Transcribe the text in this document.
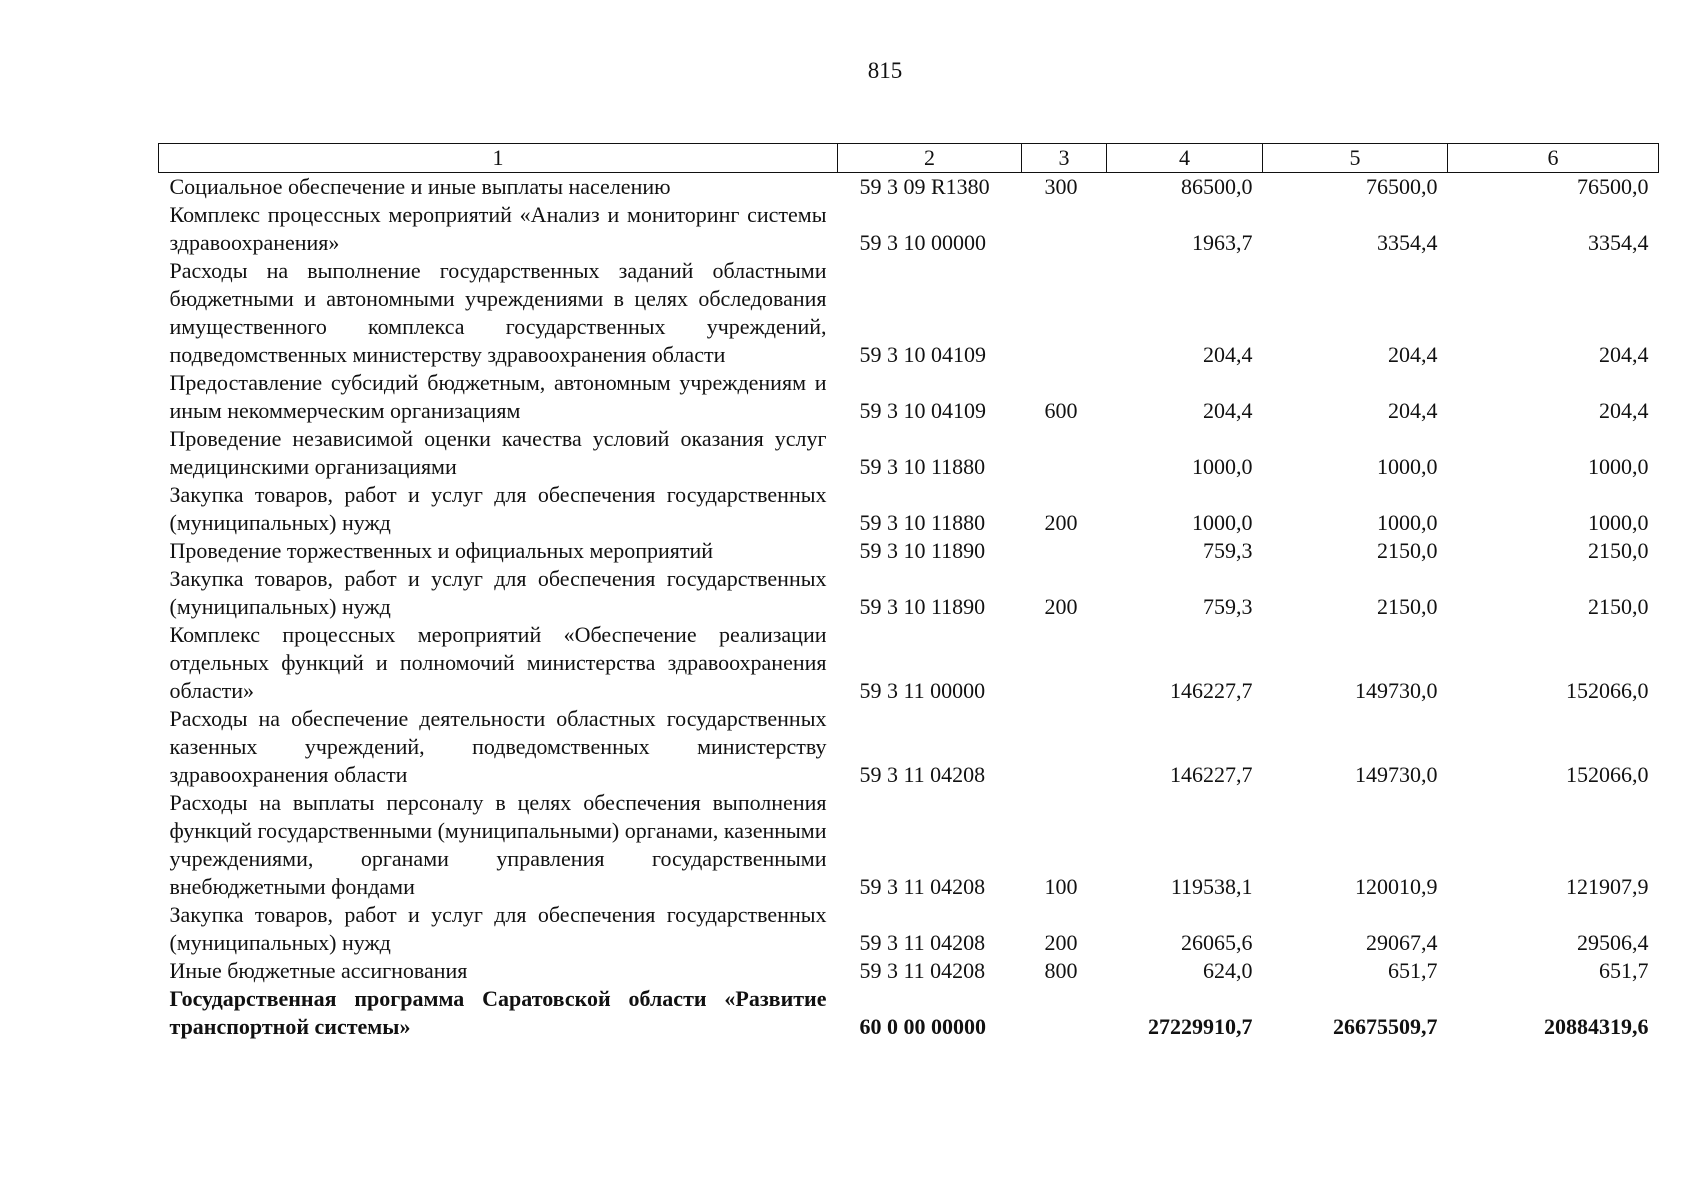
815
1	2	3	4	5	6
Социальное обеспечение и иные выплаты населению	59 3 09 R1380	300	86500,0	76500,0	76500,0
Комплекс процессных мероприятий «Анализ и мониторинг системы здравоохранения»	59 3 10 00000		1963,7	3354,4	3354,4
Расходы на выполнение государственных заданий областными бюджетными и автономными учреждениями в целях обследования имущественного комплекса государственных учреждений, подведомственных министерству здравоохранения области	59 3 10 04109		204,4	204,4	204,4
Предоставление субсидий бюджетным, автономным учреждениям и иным некоммерческим организациям	59 3 10 04109	600	204,4	204,4	204,4
Проведение независимой оценки качества условий оказания услуг медицинскими организациями	59 3 10 11880		1000,0	1000,0	1000,0
Закупка товаров, работ и услуг для обеспечения государственных (муниципальных) нужд	59 3 10 11880	200	1000,0	1000,0	1000,0
Проведение торжественных и официальных мероприятий	59 3 10 11890		759,3	2150,0	2150,0
Закупка товаров, работ и услуг для обеспечения государственных (муниципальных) нужд	59 3 10 11890	200	759,3	2150,0	2150,0
Комплекс процессных мероприятий «Обеспечение реализации отдельных функций и полномочий министерства здравоохранения области»	59 3 11 00000		146227,7	149730,0	152066,0
Расходы на обеспечение деятельности областных государственных казенных учреждений, подведомственных министерству здравоохранения области	59 3 11 04208		146227,7	149730,0	152066,0
Расходы на выплаты персоналу в целях обеспечения выполнения функций государственными (муниципальными) органами, казенными учреждениями, органами управления государственными внебюджетными фондами	59 3 11 04208	100	119538,1	120010,9	121907,9
Закупка товаров, работ и услуг для обеспечения государственных (муниципальных) нужд	59 3 11 04208	200	26065,6	29067,4	29506,4
Иные бюджетные ассигнования	59 3 11 04208	800	624,0	651,7	651,7
Государственная программа Саратовской области «Развитие транспортной системы»	60 0 00 00000		27229910,7	26675509,7	20884319,6
